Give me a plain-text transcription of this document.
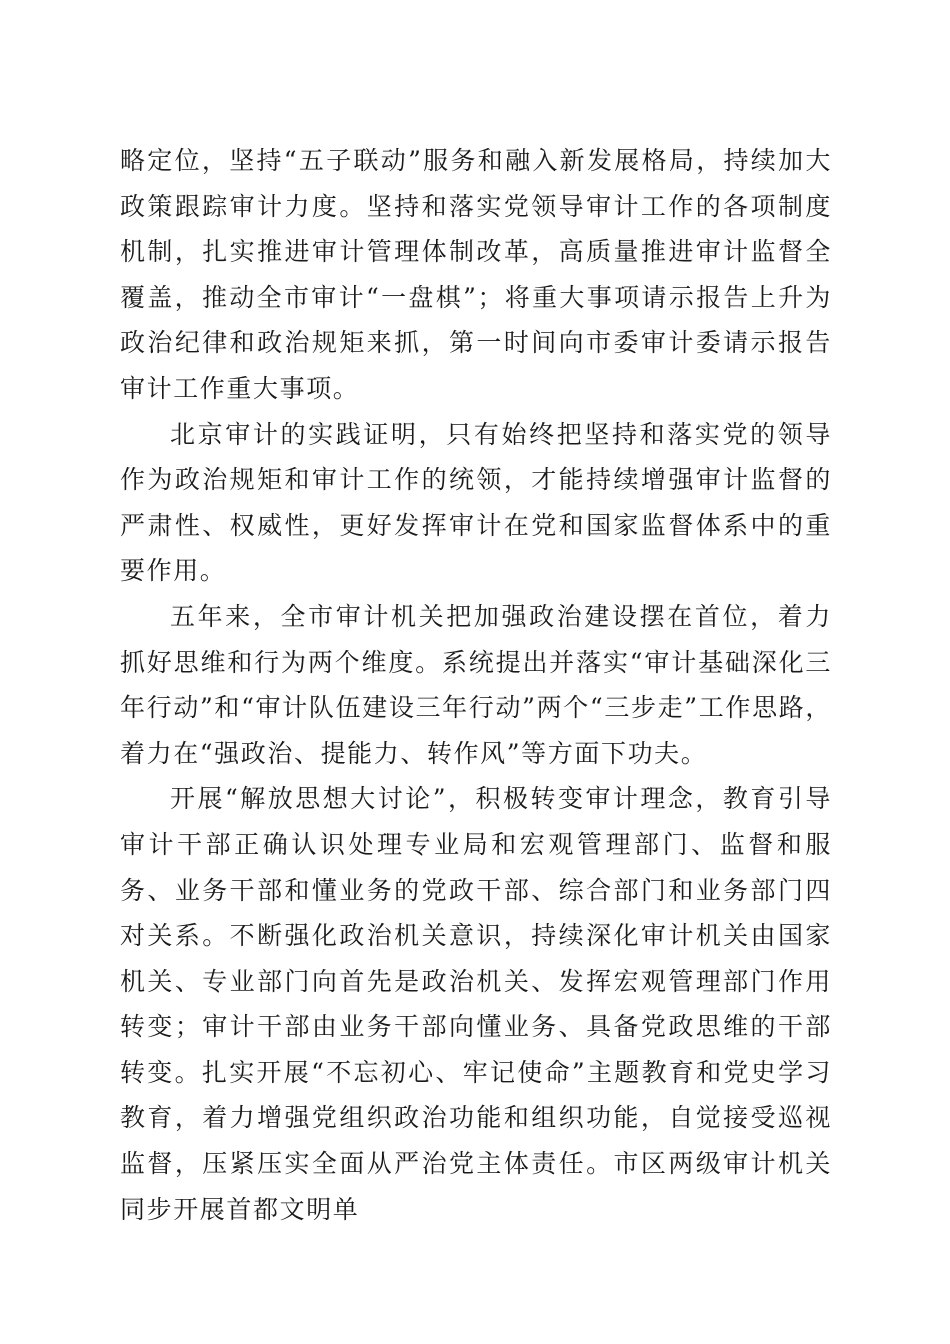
略定位，坚持“五子联动”服务和融入新发展格局，持续加大政策跟踪审计力度。坚持和落实党领导审计工作的各项制度机制，扎实推进审计管理体制改革，高质量推进审计监督全覆盖，推动全市审计“一盘棋”；将重大事项请示报告上升为政治纪律和政治规矩来抓，第一时间向市委审计委请示报告审计工作重大事项。

北京审计的实践证明，只有始终把坚持和落实党的领导作为政治规矩和审计工作的统领，才能持续增强审计监督的严肃性、权威性，更好发挥审计在党和国家监督体系中的重要作用。

五年来，全市审计机关把加强政治建设摆在首位，着力抓好思维和行为两个维度。系统提出并落实“审计基础深化三年行动”和“审计队伍建设三年行动”两个“三步走”工作思路，着力在“强政治、提能力、转作风”等方面下功夫。

开展“解放思想大讨论”，积极转变审计理念，教育引导审计干部正确认识处理专业局和宏观管理部门、监督和服务、业务干部和懂业务的党政干部、综合部门和业务部门四对关系。不断强化政治机关意识，持续深化审计机关由国家机关、专业部门向首先是政治机关、发挥宏观管理部门作用转变；审计干部由业务干部向懂业务、具备党政思维的干部转变。扎实开展“不忘初心、牢记使命”主题教育和党史学习教育，着力增强党组织政治功能和组织功能，自觉接受巡视监督，压紧压实全面从严治党主体责任。市区两级审计机关同步开展首都文明单
